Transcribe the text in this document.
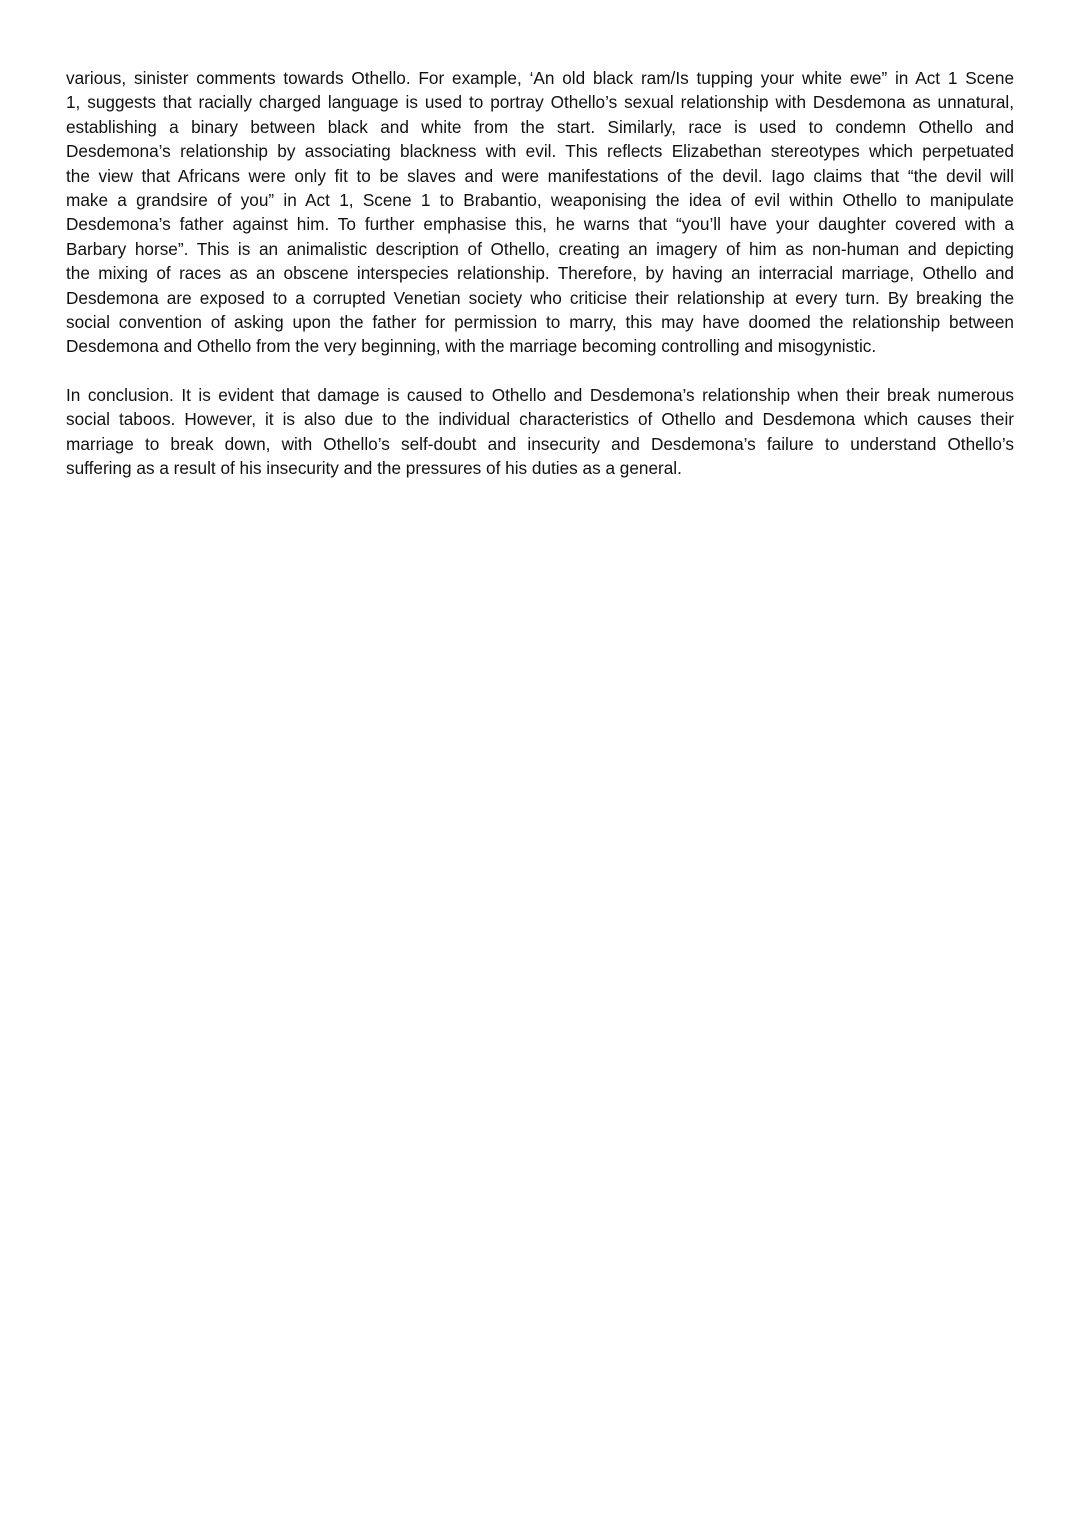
various, sinister comments towards Othello. For example, ‘An old black ram/Is tupping your white ewe” in Act 1 Scene
1, suggests that racially charged language is used to portray Othello’s sexual relationship with Desdemona as unnatural,
establishing a binary between black and white from the start. Similarly, race is used to condemn Othello and
Desdemona’s relationship by associating blackness with evil. This reflects Elizabethan stereotypes which perpetuated
the view that Africans were only fit to be slaves and were manifestations of the devil. Iago claims that “the devil will
make a grandsire of you” in Act 1, Scene 1 to Brabantio, weaponising the idea of evil within Othello to manipulate
Desdemona’s father against him. To further emphasise this, he warns that “you’ll have your daughter covered with a
Barbary horse”. This is an animalistic description of Othello, creating an imagery of him as non-human and depicting
the mixing of races as an obscene interspecies relationship. Therefore, by having an interracial marriage, Othello and
Desdemona are exposed to a corrupted Venetian society who criticise their relationship at every turn. By breaking the
social convention of asking upon the father for permission to marry, this may have doomed the relationship between
Desdemona and Othello from the very beginning, with the marriage becoming controlling and misogynistic.
In conclusion. It is evident that damage is caused to Othello and Desdemona’s relationship when their break numerous
social taboos. However, it is also due to the individual characteristics of Othello and Desdemona which causes their
marriage to break down, with Othello’s self-doubt and insecurity and Desdemona’s failure to understand Othello’s
suffering as a result of his insecurity and the pressures of his duties as a general.
